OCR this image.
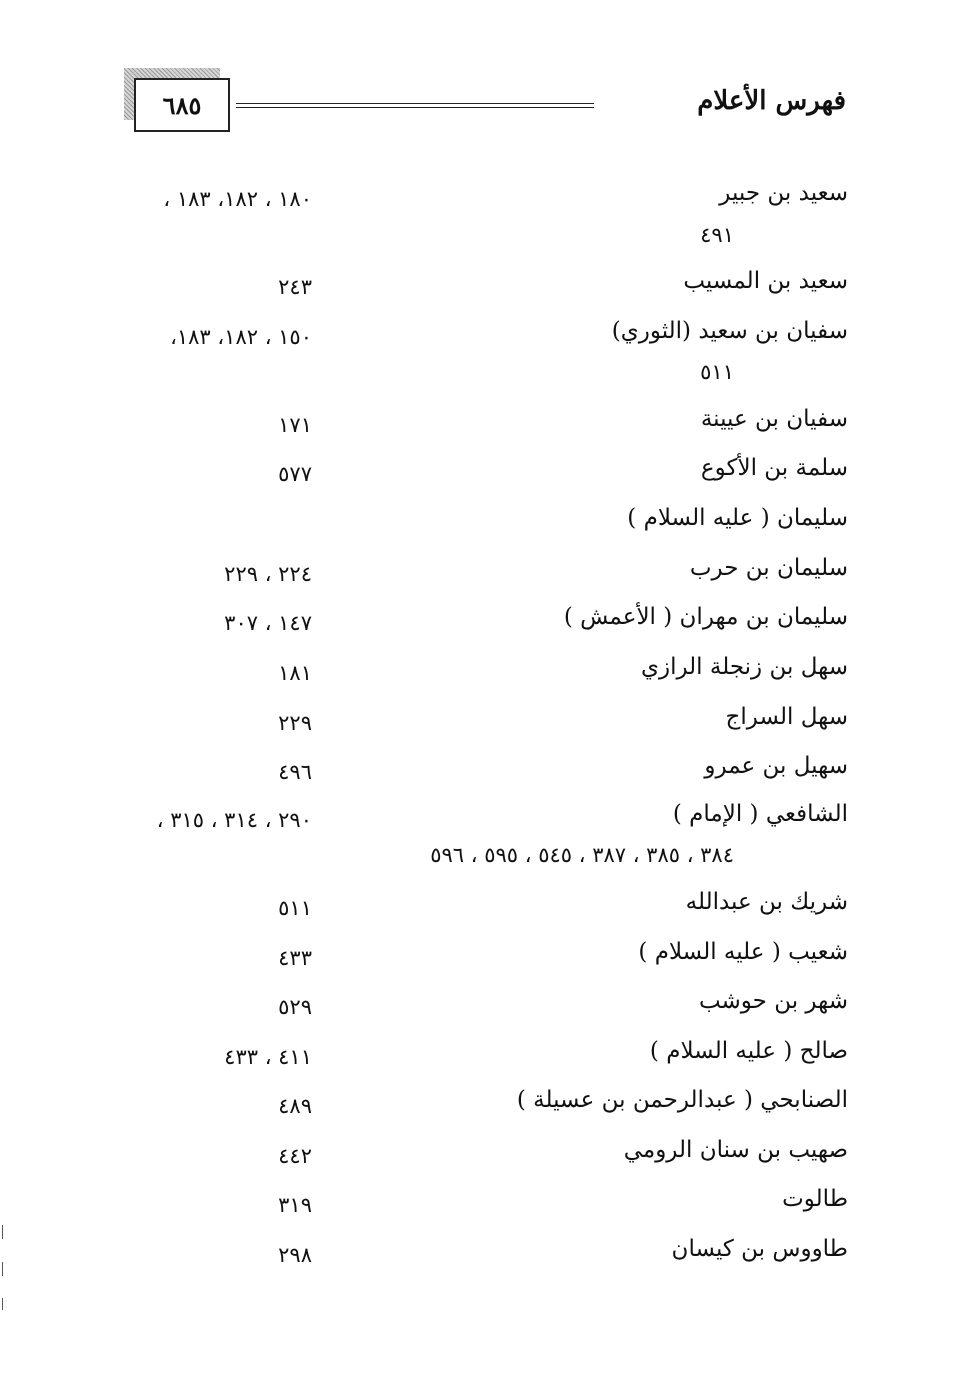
٦٨٥	فهرس الأعلام
سعيد بن جبير
١٨٠ ، ١٨٢، ١٨٣ ،
٤٩١
سعيد بن المسيب
٢٤٣
سفيان بن سعيد (الثوري)
١٥٠ ، ١٨٢، ١٨٣،
٥١١
سفيان بن عيينة
١٧١
سلمة بن الأكوع
٥٧٧
سليمان ( عليه السلام )
سليمان بن حرب
٢٢٤ ، ٢٢٩
سليمان بن مهران ( الأعمش )
١٤٧ ، ٣٠٧
سهل بن زنجلة الرازي
١٨١
سهل السراج
٢٢٩
سهيل بن عمرو
٤٩٦
الشافعي ( الإمام )
٢٩٠ ، ٣١٤ ، ٣١٥ ،
٣٨٤ ، ٣٨٥ ، ٣٨٧ ، ٥٤٥ ، ٥٩٥ ، ٥٩٦
شريك بن عبدالله
٥١١
شعيب ( عليه السلام )
٤٣٣
شهر بن حوشب
٥٢٩
صالح ( عليه السلام )
٤١١ ، ٤٣٣
الصنابحي ( عبدالرحمن بن عسيلة )
٤٨٩
صهيب بن سنان الرومي
٤٤٢
طالوت
٣١٩
طاووس بن كيسان
٢٩٨
